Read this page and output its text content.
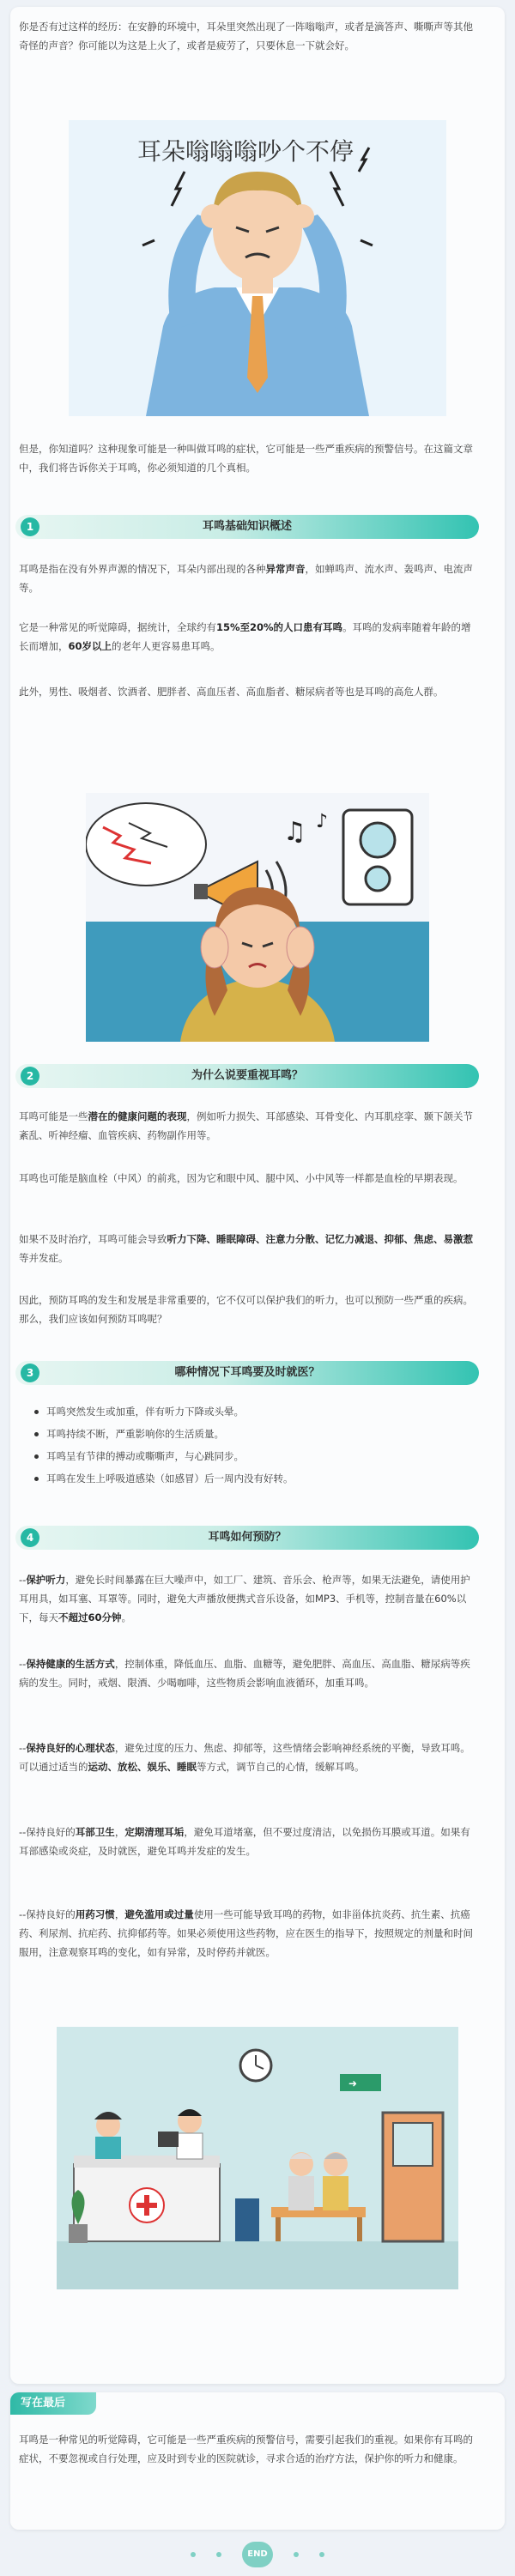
你是否有过这样的经历：在安静的环境中，耳朵里突然出现了一阵嗡嗡声，或者是滴答声、嘶嘶声等其他奇怪的声音？你可能以为这是上火了，或者是疲劳了，只要休息一下就会好。
耳朵嗡嗡嗡吵个不停
但是，你知道吗？这种现象可能是一种叫做耳鸣的症状，它可能是一些严重疾病的预警信号。在这篇文章中，我们将告诉你关于耳鸣，你必须知道的几个真相。
1	耳鸣基础知识概述
耳鸣是指在没有外界声源的情况下，耳朵内部出现的各种异常声音，如蝉鸣声、流水声、轰鸣声、电流声等。
它是一种常见的听觉障碍，据统计，全球约有15%至20%的人口患有耳鸣。耳鸣的发病率随着年龄的增长而增加，60岁以上的老年人更容易患耳鸣。
此外，男性、吸烟者、饮酒者、肥胖者、高血压者、高血脂者、糖尿病者等也是耳鸣的高危人群。
♫ ♪
2	为什么说要重视耳鸣？
耳鸣可能是一些潜在的健康问题的表现，例如听力损失、耳部感染、耳骨变化、内耳肌痉挛、颞下颌关节紊乱、听神经瘤、血管疾病、药物副作用等。
耳鸣也可能是脑血栓（中风）的前兆，因为它和眼中风、腿中风、小中风等一样都是血栓的早期表现。
如果不及时治疗，耳鸣可能会导致听力下降、睡眠障碍、注意力分散、记忆力减退、抑郁、焦虑、易激惹等并发症。
因此，预防耳鸣的发生和发展是非常重要的，它不仅可以保护我们的听力，也可以预防一些严重的疾病。那么，我们应该如何预防耳鸣呢？
3	哪种情况下耳鸣要及时就医？
耳鸣突然发生或加重，伴有听力下降或头晕。
耳鸣持续不断，严重影响你的生活质量。
耳鸣呈有节律的搏动或嘶嘶声，与心跳同步。
耳鸣在发生上呼吸道感染（如感冒）后一周内没有好转。
4	耳鸣如何预防？
--保护听力，避免长时间暴露在巨大噪声中，如工厂、建筑、音乐会、枪声等，如果无法避免，请使用护耳用具，如耳塞、耳罩等。同时，避免大声播放便携式音乐设备，如MP3、手机等，控制音量在60%以下，每天不超过60分钟。
--保持健康的生活方式，控制体重，降低血压、血脂、血糖等，避免肥胖、高血压、高血脂、糖尿病等疾病的发生。同时，戒烟、限酒、少喝咖啡，这些物质会影响血液循环，加重耳鸣。
--保持良好的心理状态，避免过度的压力、焦虑、抑郁等，这些情绪会影响神经系统的平衡，导致耳鸣。可以通过适当的运动、放松、娱乐、睡眠等方式，调节自己的心情，缓解耳鸣。
--保持良好的耳部卫生，定期清理耳垢，避免耳道堵塞，但不要过度清洁，以免损伤耳膜或耳道。如果有耳部感染或炎症，及时就医，避免耳鸣并发症的发生。
--保持良好的用药习惯，避免滥用或过量使用一些可能导致耳鸣的药物，如非甾体抗炎药、抗生素、抗癌药、利尿剂、抗疟药、抗抑郁药等。如果必须使用这些药物，应在医生的指导下，按照规定的剂量和时间服用，注意观察耳鸣的变化，如有异常，及时停药并就医。
➜
写在最后
耳鸣是一种常见的听觉障碍，它可能是一些严重疾病的预警信号，需要引起我们的重视。如果你有耳鸣的症状，不要忽视或自行处理，应及时到专业的医院就诊，寻求合适的治疗方法，保护你的听力和健康。
END
